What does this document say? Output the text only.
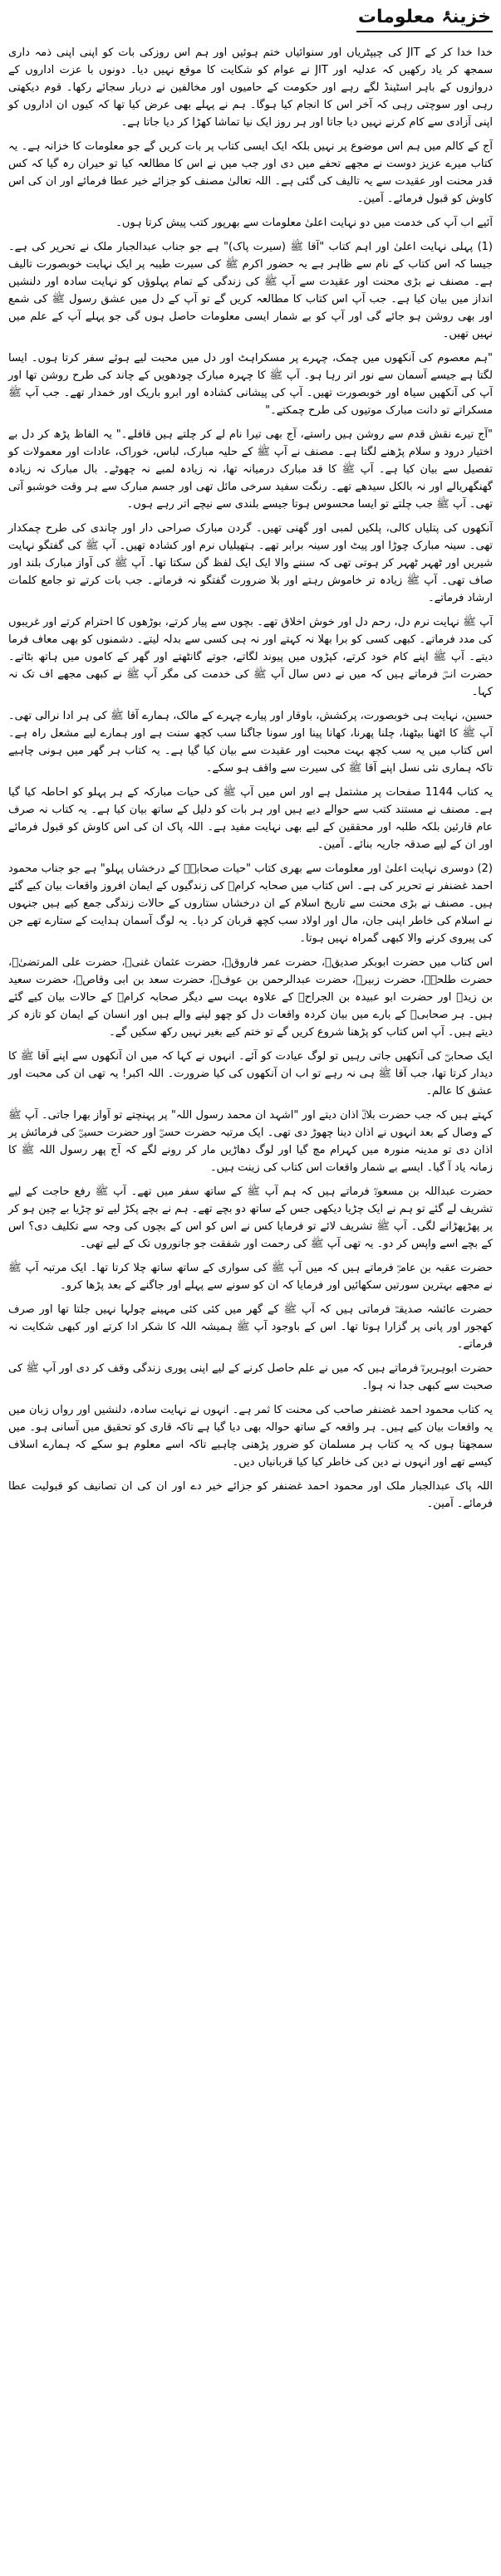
خزینۂ معلومات

خدا خدا کر کے JIT کی چیپٹریاں اور سنوائیاں ختم ہوئیں اور ہم اس روزکی بات کو اپنی اپنی ذمہ داری سمجھ کر یاد رکھیں کہ عدلیہ اور JIT نے عوام کو شکایت کا موقع نہیں دیا۔ دونوں با عزت اداروں کے دروازوں کے باہر اسٹینڈ لگے رہے اور حکومت کے حامیوں اور مخالفین نے دربار سجائے رکھا۔ قوم دیکھتی رہی اور سوچتی رہی کہ آخر اس کا انجام کیا ہوگا۔ ہم نے پہلے بھی عرض کیا تھا کہ کیوں ان اداروں کو اپنی آزادی سے کام کرنے نہیں دیا جاتا اور ہر روز ایک نیا تماشا کھڑا کر دیا جاتا ہے۔

آج کے کالم میں ہم اس موضوع پر نہیں بلکہ ایک ایسی کتاب پر بات کریں گے جو معلومات کا خزانہ ہے۔ یہ کتاب میرے عزیز دوست نے مجھے تحفے میں دی اور جب میں نے اس کا مطالعہ کیا تو حیران رہ گیا کہ کس قدر محنت اور عقیدت سے یہ تالیف کی گئی ہے۔ اللہ تعالیٰ مصنف کو جزائے خیر عطا فرمائے اور ان کی اس کاوش کو قبول فرمائے۔ آمین۔

آئیے اب آپ کی خدمت میں دو نہایت اعلیٰ معلومات سے بھرپور کتب پیش کرتا ہوں۔

(1) پہلی نہایت اعلیٰ اور اہم کتاب "آقا ﷺ (سیرت پاک)" ہے جو جناب عبدالجبار ملک نے تحریر کی ہے۔ جیسا کہ اس کتاب کے نام سے ظاہر ہے یہ حضور اکرم ﷺ کی سیرت طیبہ پر ایک نہایت خوبصورت تالیف ہے۔ مصنف نے بڑی محنت اور عقیدت سے آپ ﷺ کی زندگی کے تمام پہلوؤں کو نہایت سادہ اور دلنشیں انداز میں بیان کیا ہے۔ جب آپ اس کتاب کا مطالعہ کریں گے تو آپ کے دل میں عشق رسول ﷺ کی شمع اور بھی روشن ہو جائے گی اور آپ کو بے شمار ایسی معلومات حاصل ہوں گی جو پہلے آپ کے علم میں نہیں تھیں۔

"ہم معصوم کی آنکھوں میں چمک، چہرے پر مسکراہٹ اور دل میں محبت لیے ہوئے سفر کرتا ہوں۔ ایسا لگتا ہے جیسے آسمان سے نور اتر رہا ہو۔ آپ ﷺ کا چہرہ مبارک چودھویں کے چاند کی طرح روشن تھا اور آپ کی آنکھیں سیاہ اور خوبصورت تھیں۔ آپ کی پیشانی کشادہ اور ابرو باریک اور خمدار تھے۔ جب آپ ﷺ مسکراتے تو دانت مبارک موتیوں کی طرح چمکتے۔"

"آج تیرے نقش قدم سے روشن ہیں راستے، آج بھی تیرا نام لے کر چلتے ہیں قافلے۔" یہ الفاظ پڑھ کر دل بے اختیار درود و سلام پڑھنے لگتا ہے۔ مصنف نے آپ ﷺ کے حلیہ مبارک، لباس، خوراک، عادات اور معمولات کو تفصیل سے بیان کیا ہے۔ آپ ﷺ کا قد مبارک درمیانہ تھا، نہ زیادہ لمبے نہ چھوٹے۔ بال مبارک نہ زیادہ گھنگھریالے اور نہ بالکل سیدھے تھے۔ رنگت سفید سرخی مائل تھی اور جسم مبارک سے ہر وقت خوشبو آتی تھی۔ آپ ﷺ جب چلتے تو ایسا محسوس ہوتا جیسے بلندی سے نیچے اتر رہے ہوں۔

آنکھوں کی پتلیاں کالی، پلکیں لمبی اور گھنی تھیں۔ گردن مبارک صراحی دار اور چاندی کی طرح چمکدار تھی۔ سینہ مبارک چوڑا اور پیٹ اور سینہ برابر تھے۔ ہتھیلیاں نرم اور کشادہ تھیں۔ آپ ﷺ کی گفتگو نہایت شیریں اور ٹھہر ٹھہر کر ہوتی تھی کہ سننے والا ایک ایک لفظ گن سکتا تھا۔ آپ ﷺ کی آواز مبارک بلند اور صاف تھی۔ آپ ﷺ زیادہ تر خاموش رہتے اور بلا ضرورت گفتگو نہ فرماتے۔ جب بات کرتے تو جامع کلمات ارشاد فرماتے۔

آپ ﷺ نہایت نرم دل، رحم دل اور خوش اخلاق تھے۔ بچوں سے پیار کرتے، بوڑھوں کا احترام کرتے اور غریبوں کی مدد فرماتے۔ کبھی کسی کو برا بھلا نہ کہتے اور نہ ہی کسی سے بدلہ لیتے۔ دشمنوں کو بھی معاف فرما دیتے۔ آپ ﷺ اپنے کام خود کرتے، کپڑوں میں پیوند لگاتے، جوتے گانٹھتے اور گھر کے کاموں میں ہاتھ بٹاتے۔ حضرت انسؓ فرماتے ہیں کہ میں نے دس سال آپ ﷺ کی خدمت کی مگر آپ ﷺ نے کبھی مجھے اف تک نہ کہا۔

حسین، نہایت ہی خوبصورت، پرکشش، باوقار اور پیارے چہرے کے مالک، ہمارے آقا ﷺ کی ہر ادا نرالی تھی۔ آپ ﷺ کا اٹھنا بیٹھنا، چلنا پھرنا، کھانا پینا اور سونا جاگنا سب کچھ سنت ہے اور ہمارے لیے مشعل راہ ہے۔ اس کتاب میں یہ سب کچھ بہت محبت اور عقیدت سے بیان کیا گیا ہے۔ یہ کتاب ہر گھر میں ہونی چاہیے تاکہ ہماری نئی نسل اپنے آقا ﷺ کی سیرت سے واقف ہو سکے۔

یہ کتاب 1144 صفحات پر مشتمل ہے اور اس میں آپ ﷺ کی حیات مبارکہ کے ہر پہلو کو احاطہ کیا گیا ہے۔ مصنف نے مستند کتب سے حوالے دیے ہیں اور ہر بات کو دلیل کے ساتھ بیان کیا ہے۔ یہ کتاب نہ صرف عام قارئین بلکہ طلبہ اور محققین کے لیے بھی نہایت مفید ہے۔ اللہ پاک ان کی اس کاوش کو قبول فرمائے اور ان کے لیے صدقہ جاریہ بنائے۔ آمین۔

(2) دوسری نہایت اعلیٰ اور معلومات سے بھری کتاب "حیات صحابہؓ کے درخشاں پہلو" ہے جو جناب محمود احمد غضنفر نے تحریر کی ہے۔ اس کتاب میں صحابہ کرامؓ کی زندگیوں کے ایمان افروز واقعات بیان کیے گئے ہیں۔ مصنف نے بڑی محنت سے تاریخ اسلام کے ان درخشاں ستاروں کے حالات زندگی جمع کیے ہیں جنہوں نے اسلام کی خاطر اپنی جان، مال اور اولاد سب کچھ قربان کر دیا۔ یہ لوگ آسمان ہدایت کے ستارے تھے جن کی پیروی کرنے والا کبھی گمراہ نہیں ہوتا۔

اس کتاب میں حضرت ابوبکر صدیقؓ، حضرت عمر فاروقؓ، حضرت عثمان غنیؓ، حضرت علی المرتضیٰؓ، حضرت طلحہؓ، حضرت زبیرؓ، حضرت عبدالرحمن بن عوفؓ، حضرت سعد بن ابی وقاصؓ، حضرت سعید بن زیدؓ اور حضرت ابو عبیدہ بن الجراحؓ کے علاوہ بہت سے دیگر صحابہ کرامؓ کے حالات بیان کیے گئے ہیں۔ ہر صحابیؓ کے بارے میں بیان کردہ واقعات دل کو چھو لینے والے ہیں اور انسان کے ایمان کو تازہ کر دیتے ہیں۔ آپ اس کتاب کو پڑھنا شروع کریں گے تو ختم کیے بغیر نہیں رکھ سکیں گے۔

ایک صحابیؓ کی آنکھیں جاتی رہیں تو لوگ عیادت کو آئے۔ انہوں نے کہا کہ میں ان آنکھوں سے اپنے آقا ﷺ کا دیدار کرتا تھا، جب آقا ﷺ ہی نہ رہے تو اب ان آنکھوں کی کیا ضرورت۔ اللہ اکبر! یہ تھی ان کی محبت اور عشق کا عالم۔

کہتے ہیں کہ جب حضرت بلالؓ اذان دیتے اور "اشہد ان محمد رسول اللہ" پر پہنچتے تو آواز بھرا جاتی۔ آپ ﷺ کے وصال کے بعد انہوں نے اذان دینا چھوڑ دی تھی۔ ایک مرتبہ حضرت حسنؓ اور حضرت حسینؓ کی فرمائش پر اذان دی تو مدینہ منورہ میں کہرام مچ گیا اور لوگ دھاڑیں مار کر رونے لگے کہ آج پھر رسول اللہ ﷺ کا زمانہ یاد آ گیا۔ ایسے بے شمار واقعات اس کتاب کی زینت ہیں۔

حضرت عبداللہ بن مسعودؓ فرماتے ہیں کہ ہم آپ ﷺ کے ساتھ سفر میں تھے۔ آپ ﷺ رفع حاجت کے لیے تشریف لے گئے تو ہم نے ایک چڑیا دیکھی جس کے ساتھ دو بچے تھے۔ ہم نے بچے پکڑ لیے تو چڑیا بے چین ہو کر پر پھڑپھڑانے لگی۔ آپ ﷺ تشریف لائے تو فرمایا کس نے اس کو اس کے بچوں کی وجہ سے تکلیف دی؟ اس کے بچے اسے واپس کر دو۔ یہ تھی آپ ﷺ کی رحمت اور شفقت جو جانوروں تک کے لیے تھی۔

حضرت عقبہ بن عامرؓ فرماتے ہیں کہ میں آپ ﷺ کی سواری کے ساتھ ساتھ چلا کرتا تھا۔ ایک مرتبہ آپ ﷺ نے مجھے بہترین سورتیں سکھائیں اور فرمایا کہ ان کو سونے سے پہلے اور جاگنے کے بعد پڑھا کرو۔

حضرت عائشہ صدیقہؓ فرماتی ہیں کہ آپ ﷺ کے گھر میں کئی کئی مہینے چولہا نہیں جلتا تھا اور صرف کھجور اور پانی پر گزارا ہوتا تھا۔ اس کے باوجود آپ ﷺ ہمیشہ اللہ کا شکر ادا کرتے اور کبھی شکایت نہ فرماتے۔

حضرت ابوہریرہؓ فرماتے ہیں کہ میں نے علم حاصل کرنے کے لیے اپنی پوری زندگی وقف کر دی اور آپ ﷺ کی صحبت سے کبھی جدا نہ ہوا۔

یہ کتاب محمود احمد غضنفر صاحب کی محنت کا ثمر ہے۔ انہوں نے نہایت سادہ، دلنشیں اور رواں زبان میں یہ واقعات بیان کیے ہیں۔ ہر واقعہ کے ساتھ حوالہ بھی دیا گیا ہے تاکہ قاری کو تحقیق میں آسانی ہو۔ میں سمجھتا ہوں کہ یہ کتاب ہر مسلمان کو ضرور پڑھنی چاہیے تاکہ اسے معلوم ہو سکے کہ ہمارے اسلاف کیسے تھے اور انہوں نے دین کی خاطر کیا کیا قربانیاں دیں۔

اللہ پاک عبدالجبار ملک اور محمود احمد غضنفر کو جزائے خیر دے اور ان کی ان تصانیف کو قبولیت عطا فرمائے۔ آمین۔
